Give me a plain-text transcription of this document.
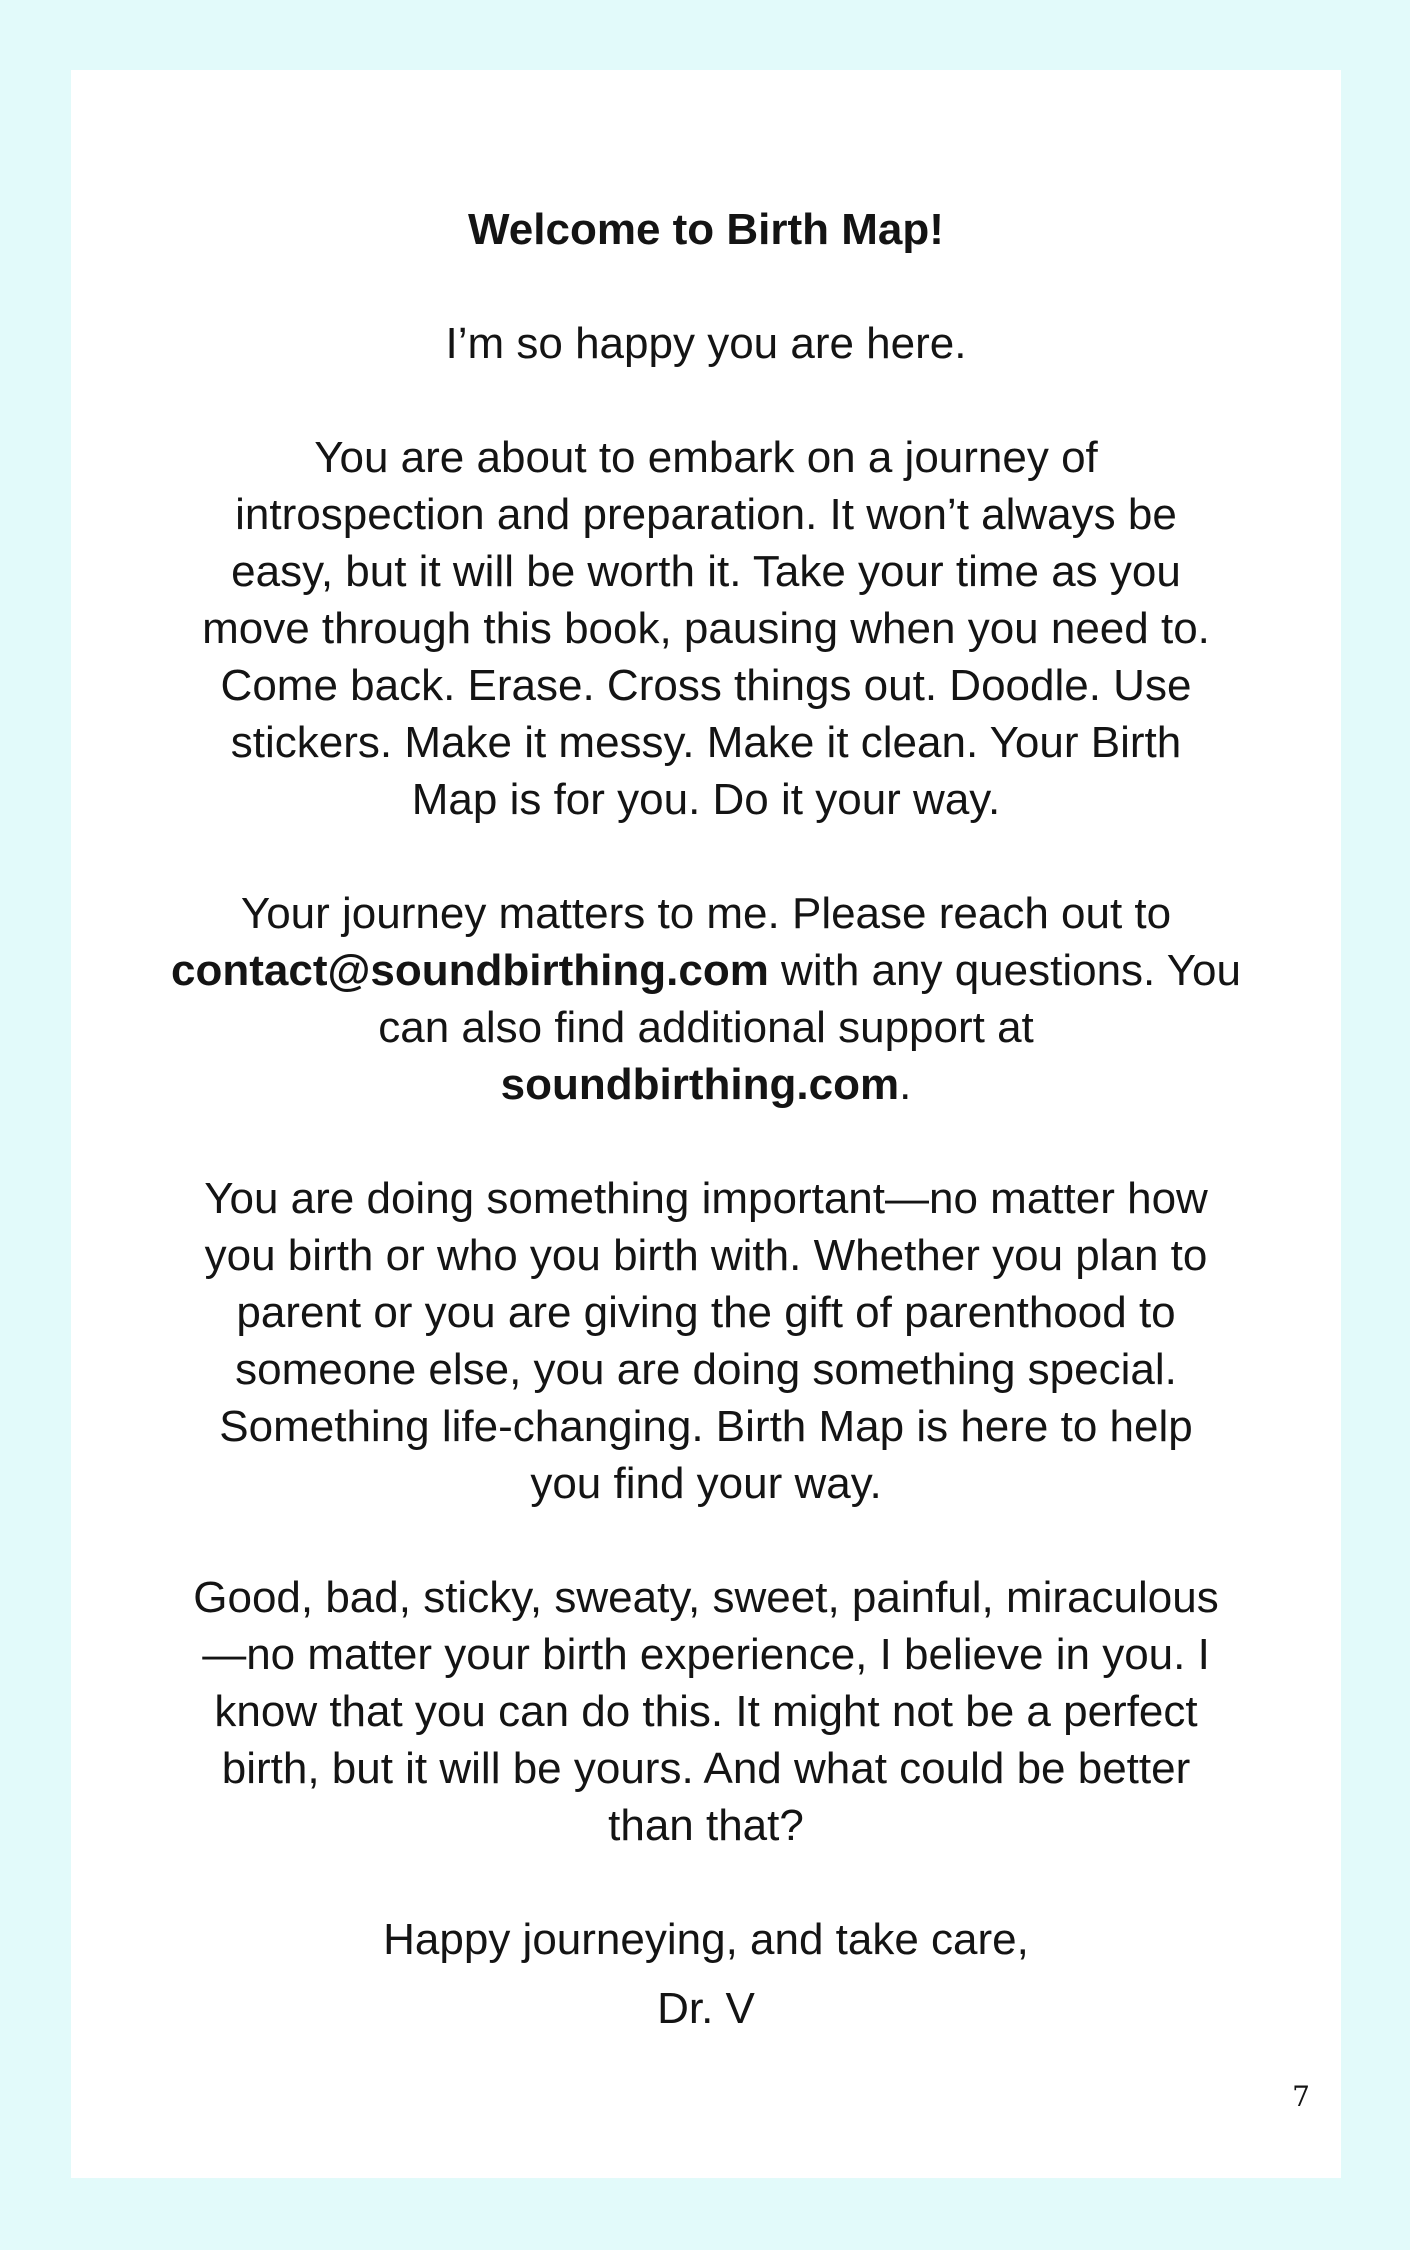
Welcome to Birth Map!

I’m so happy you are here.

You are about to embark on a journey of
introspection and preparation. It won’t always be
easy, but it will be worth it. Take your time as you
move through this book, pausing when you need to.
Come back. Erase. Cross things out. Doodle. Use
stickers. Make it messy. Make it clean. Your Birth
Map is for you. Do it your way.

Your journey matters to me. Please reach out to
contact@soundbirthing.com with any questions. You
can also find additional support at
soundbirthing.com.

You are doing something important—no matter how
you birth or who you birth with. Whether you plan to
parent or you are giving the gift of parenthood to
someone else, you are doing something special.
Something life-changing. Birth Map is here to help
you find your way.

Good, bad, sticky, sweaty, sweet, painful, miraculous
—no matter your birth experience, I believe in you. I
know that you can do this. It might not be a perfect
birth, but it will be yours. And what could be better
than that?

Happy journeying, and take care,

Dr. V

7
